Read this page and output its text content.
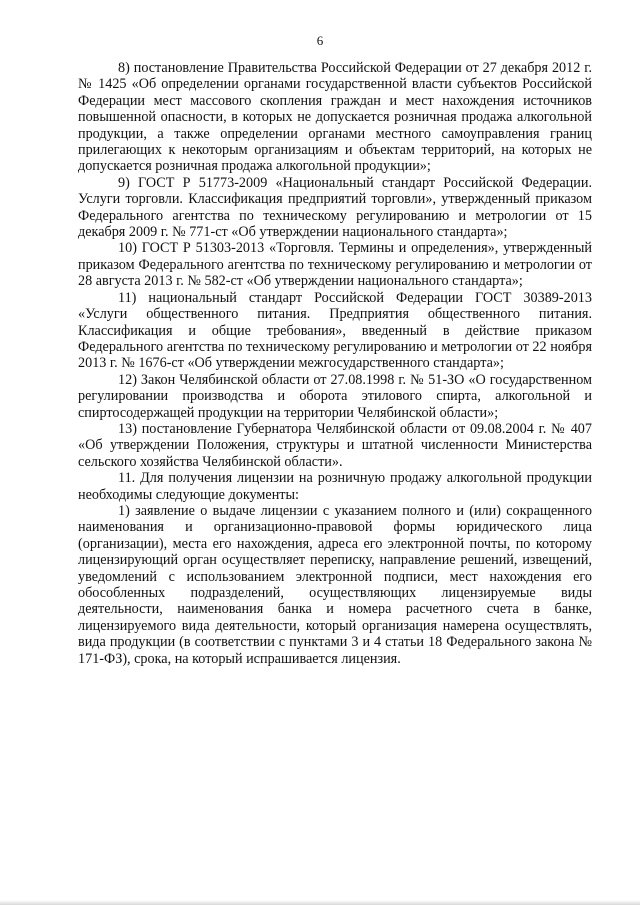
6

8) постановление Правительства Российской Федерации от 27 декабря 2012 г. № 1425 «Об определении органами государственной власти субъектов Российской Федерации мест массового скопления граждан и мест нахождения источников повышенной опасности, в которых не допускается розничная продажа алкогольной продукции, а также определении органами местного самоуправления границ прилегающих к некоторым организациям и объектам территорий, на которых не допускается розничная продажа алкогольной продукции»;

9) ГОСТ Р 51773-2009 «Национальный стандарт Российской Федерации. Услуги торговли. Классификация предприятий торговли», утвержденный приказом Федерального агентства по техническому регулированию и метрологии от 15 декабря 2009 г. № 771-ст «Об утверждении национального стандарта»;

10) ГОСТ Р 51303-2013 «Торговля. Термины и определения», утвержденный приказом Федерального агентства по техническому регулированию и метрологии от 28 августа 2013 г. № 582-ст «Об утверждении национального стандарта»;

11) национальный стандарт Российской Федерации ГОСТ 30389-2013 «Услуги общественного питания. Предприятия общественного питания. Классификация и общие требования», введенный в действие приказом Федерального агентства по техническому регулированию и метрологии от 22 ноября 2013 г. № 1676-ст «Об утверждении межгосударственного стандарта»;

12) Закон Челябинской области от 27.08.1998 г. № 51-ЗО «О государственном регулировании производства и оборота этилового спирта, алкогольной и спиртосодержащей продукции на территории Челябинской области»;

13) постановление Губернатора Челябинской области от 09.08.2004 г. № 407 «Об утверждении Положения, структуры и штатной численности Министерства сельского хозяйства Челябинской области».

11. Для получения лицензии на розничную продажу алкогольной продукции необходимы следующие документы:

1) заявление о выдаче лицензии с указанием полного и (или) сокращенного наименования и организационно-правовой формы юридического лица (организации), места его нахождения, адреса его электронной почты, по которому лицензирующий орган осуществляет переписку, направление решений, извещений, уведомлений с использованием электронной подписи, мест нахождения его обособленных подразделений, осуществляющих лицензируемые виды деятельности, наименования банка и номера расчетного счета в банке, лицензируемого вида деятельности, который организация намерена осуществлять, вида продукции (в соответствии с пунктами 3 и 4 статьи 18 Федерального закона № 171-ФЗ), срока, на который испрашивается лицензия.
